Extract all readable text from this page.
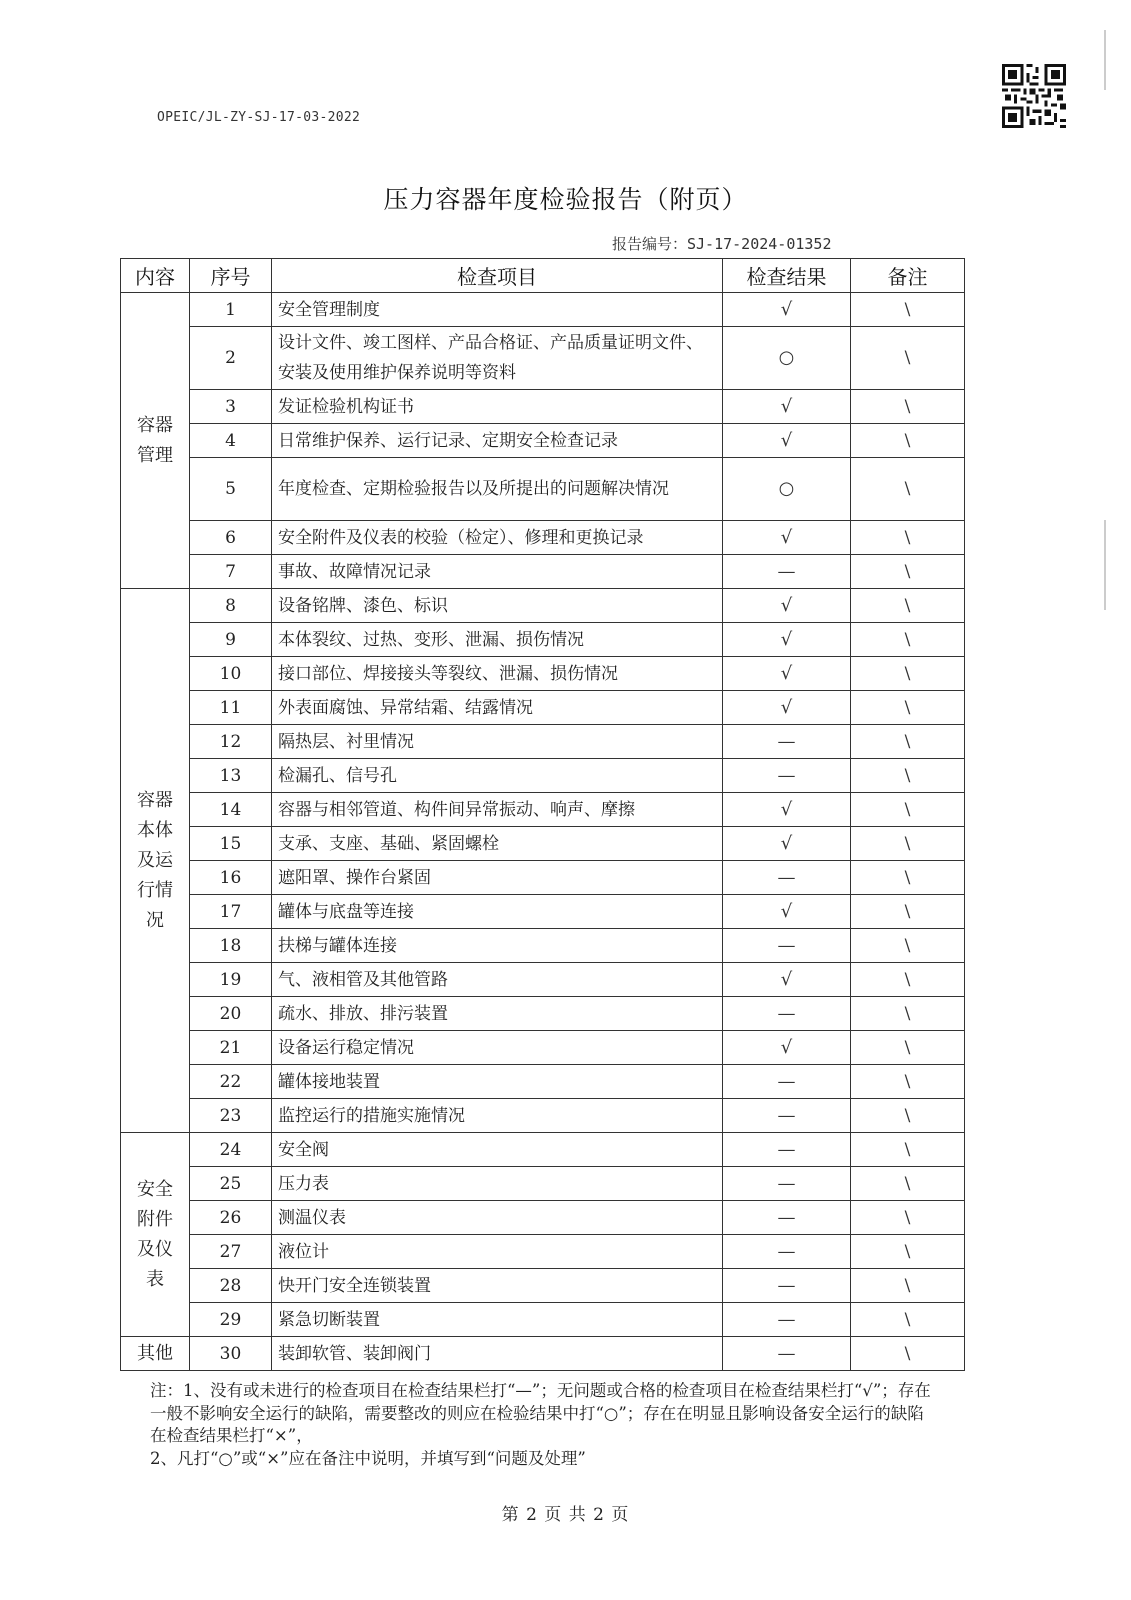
OPEIC/JL-ZY-SJ-17-03-2022
压力容器年度检验报告（附页）
报告编号：SJ-17-2024-01352
内容	序号	检查项目	检查结果	备注
容器管理	1	安全管理制度	√	\
	2	设计文件、竣工图样、产品合格证、产品质量证明文件、安装及使用维护保养说明等资料	○	\
	3	发证检验机构证书	√	\
	4	日常维护保养、运行记录、定期安全检查记录	√	\
	5	年度检查、定期检验报告以及所提出的问题解决情况	○	\
	6	安全附件及仪表的校验（检定）、修理和更换记录	√	\
	7	事故、故障情况记录	—	\
容器本体及运行情况	8	设备铭牌、漆色、标识	√	\
	9	本体裂纹、过热、变形、泄漏、损伤情况	√	\
	10	接口部位、焊接接头等裂纹、泄漏、损伤情况	√	\
	11	外表面腐蚀、异常结霜、结露情况	√	\
	12	隔热层、衬里情况	—	\
	13	检漏孔、信号孔	—	\
	14	容器与相邻管道、构件间异常振动、响声、摩擦	√	\
	15	支承、支座、基础、紧固螺栓	√	\
	16	遮阳罩、操作台紧固	—	\
	17	罐体与底盘等连接	√	\
	18	扶梯与罐体连接	—	\
	19	气、液相管及其他管路	√	\
	20	疏水、排放、排污装置	—	\
	21	设备运行稳定情况	√	\
	22	罐体接地装置	—	\
	23	监控运行的措施实施情况	—	\
安全附件及仪表	24	安全阀	—	\
	25	压力表	—	\
	26	测温仪表	—	\
	27	液位计	—	\
	28	快开门安全连锁装置	—	\
	29	紧急切断装置	—	\
其他	30	装卸软管、装卸阀门	—	\

注：1、没有或未进行的检查项目在检查结果栏打“—”；无问题或合格的检查项目在检查结果栏打“√”；存在一般不影响安全运行的缺陷，需要整改的则应在检验结果中打“○”；存在在明显且影响设备安全运行的缺陷在检查结果栏打“×”，

2、凡打“○”或“×”应在备注中说明，并填写到“问题及处理”

第 2 页 共 2 页
